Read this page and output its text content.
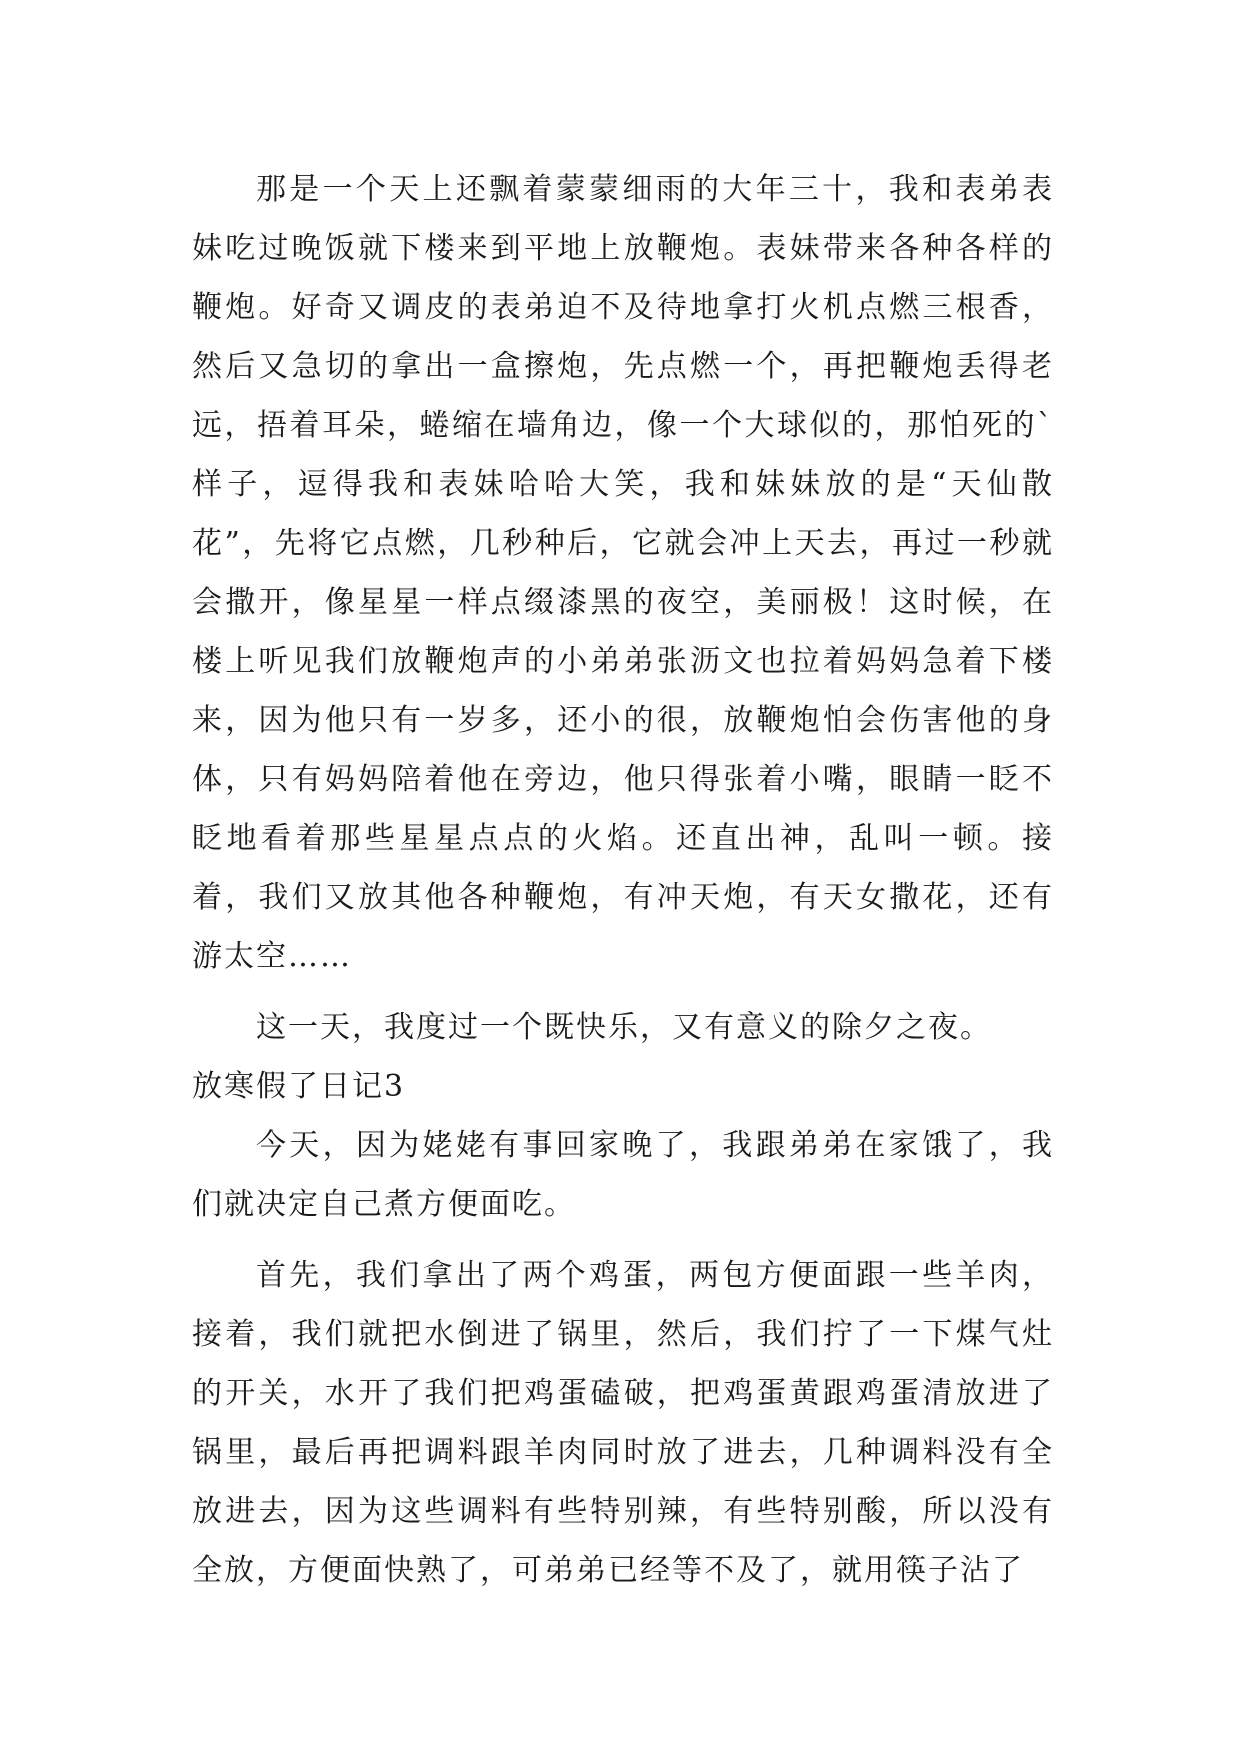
那是一个天上还飘着蒙蒙细雨的大年三十，我和表弟表妹吃过晚饭就下楼来到平地上放鞭炮。表妹带来各种各样的鞭炮。好奇又调皮的表弟迫不及待地拿打火机点燃三根香，然后又急切的拿出一盒擦炮，先点燃一个，再把鞭炮丢得老远，捂着耳朵，蜷缩在墙角边，像一个大球似的，那怕死的`样子，逗得我和表妹哈哈大笑，我和妹妹放的是“天仙散花”，先将它点燃，几秒种后，它就会冲上天去，再过一秒就会撒开，像星星一样点缀漆黑的夜空，美丽极！这时候，在楼上听见我们放鞭炮声的小弟弟张沥文也拉着妈妈急着下楼来，因为他只有一岁多，还小的很，放鞭炮怕会伤害他的身体，只有妈妈陪着他在旁边，他只得张着小嘴，眼睛一眨不眨地看着那些星星点点的火焰。还直出神，乱叫一顿。接着，我们又放其他各种鞭炮，有冲天炮，有天女撒花，还有游太空……

这一天，我度过一个既快乐，又有意义的除夕之夜。

放寒假了日记3

今天，因为姥姥有事回家晚了，我跟弟弟在家饿了，我们就决定自己煮方便面吃。

首先，我们拿出了两个鸡蛋，两包方便面跟一些羊肉，接着，我们就把水倒进了锅里，然后，我们拧了一下煤气灶的开关，水开了我们把鸡蛋磕破，把鸡蛋黄跟鸡蛋清放进了锅里，最后再把调料跟羊肉同时放了进去，几种调料没有全放进去，因为这些调料有些特别辣，有些特别酸，所以没有全放，方便面快熟了，可弟弟已经等不及了，就用筷子沾了
